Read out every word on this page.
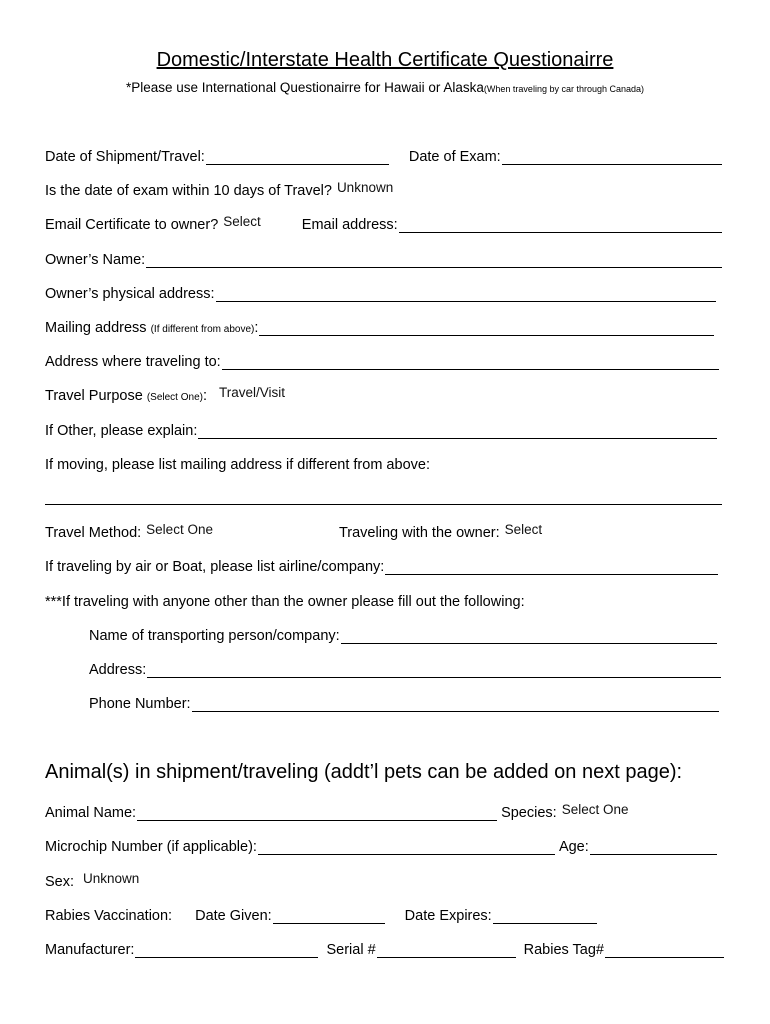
Domestic/Interstate Health Certificate Questionairre
*Please use International Questionairre for Hawaii or Alaska(When traveling by car through Canada)
Date of Shipment/Travel:	Date of Exam:
Is the date of exam within 10 days of Travel? Unknown
Email Certificate to owner? Select	Email address:
Owner’s Name:
Owner’s physical address:
Mailing address (If different from above):
Address where traveling to:
Travel Purpose (Select One): Travel/Visit
If Other, please explain:
If moving, please list mailing address if different from above:
Travel Method: Select One	Traveling with the owner: Select
If traveling by air or Boat, please list airline/company:
***If traveling with anyone other than the owner please fill out the following:
Name of transporting person/company:
Address:
Phone Number:
Animal(s) in shipment/traveling (addt’l pets can be added on next page):
Animal Name:	Species: Select One
Microchip Number (if applicable):	Age:
Sex: Unknown
Rabies Vaccination: Date Given:	Date Expires:
Manufacturer:	Serial #	Rabies Tag#
